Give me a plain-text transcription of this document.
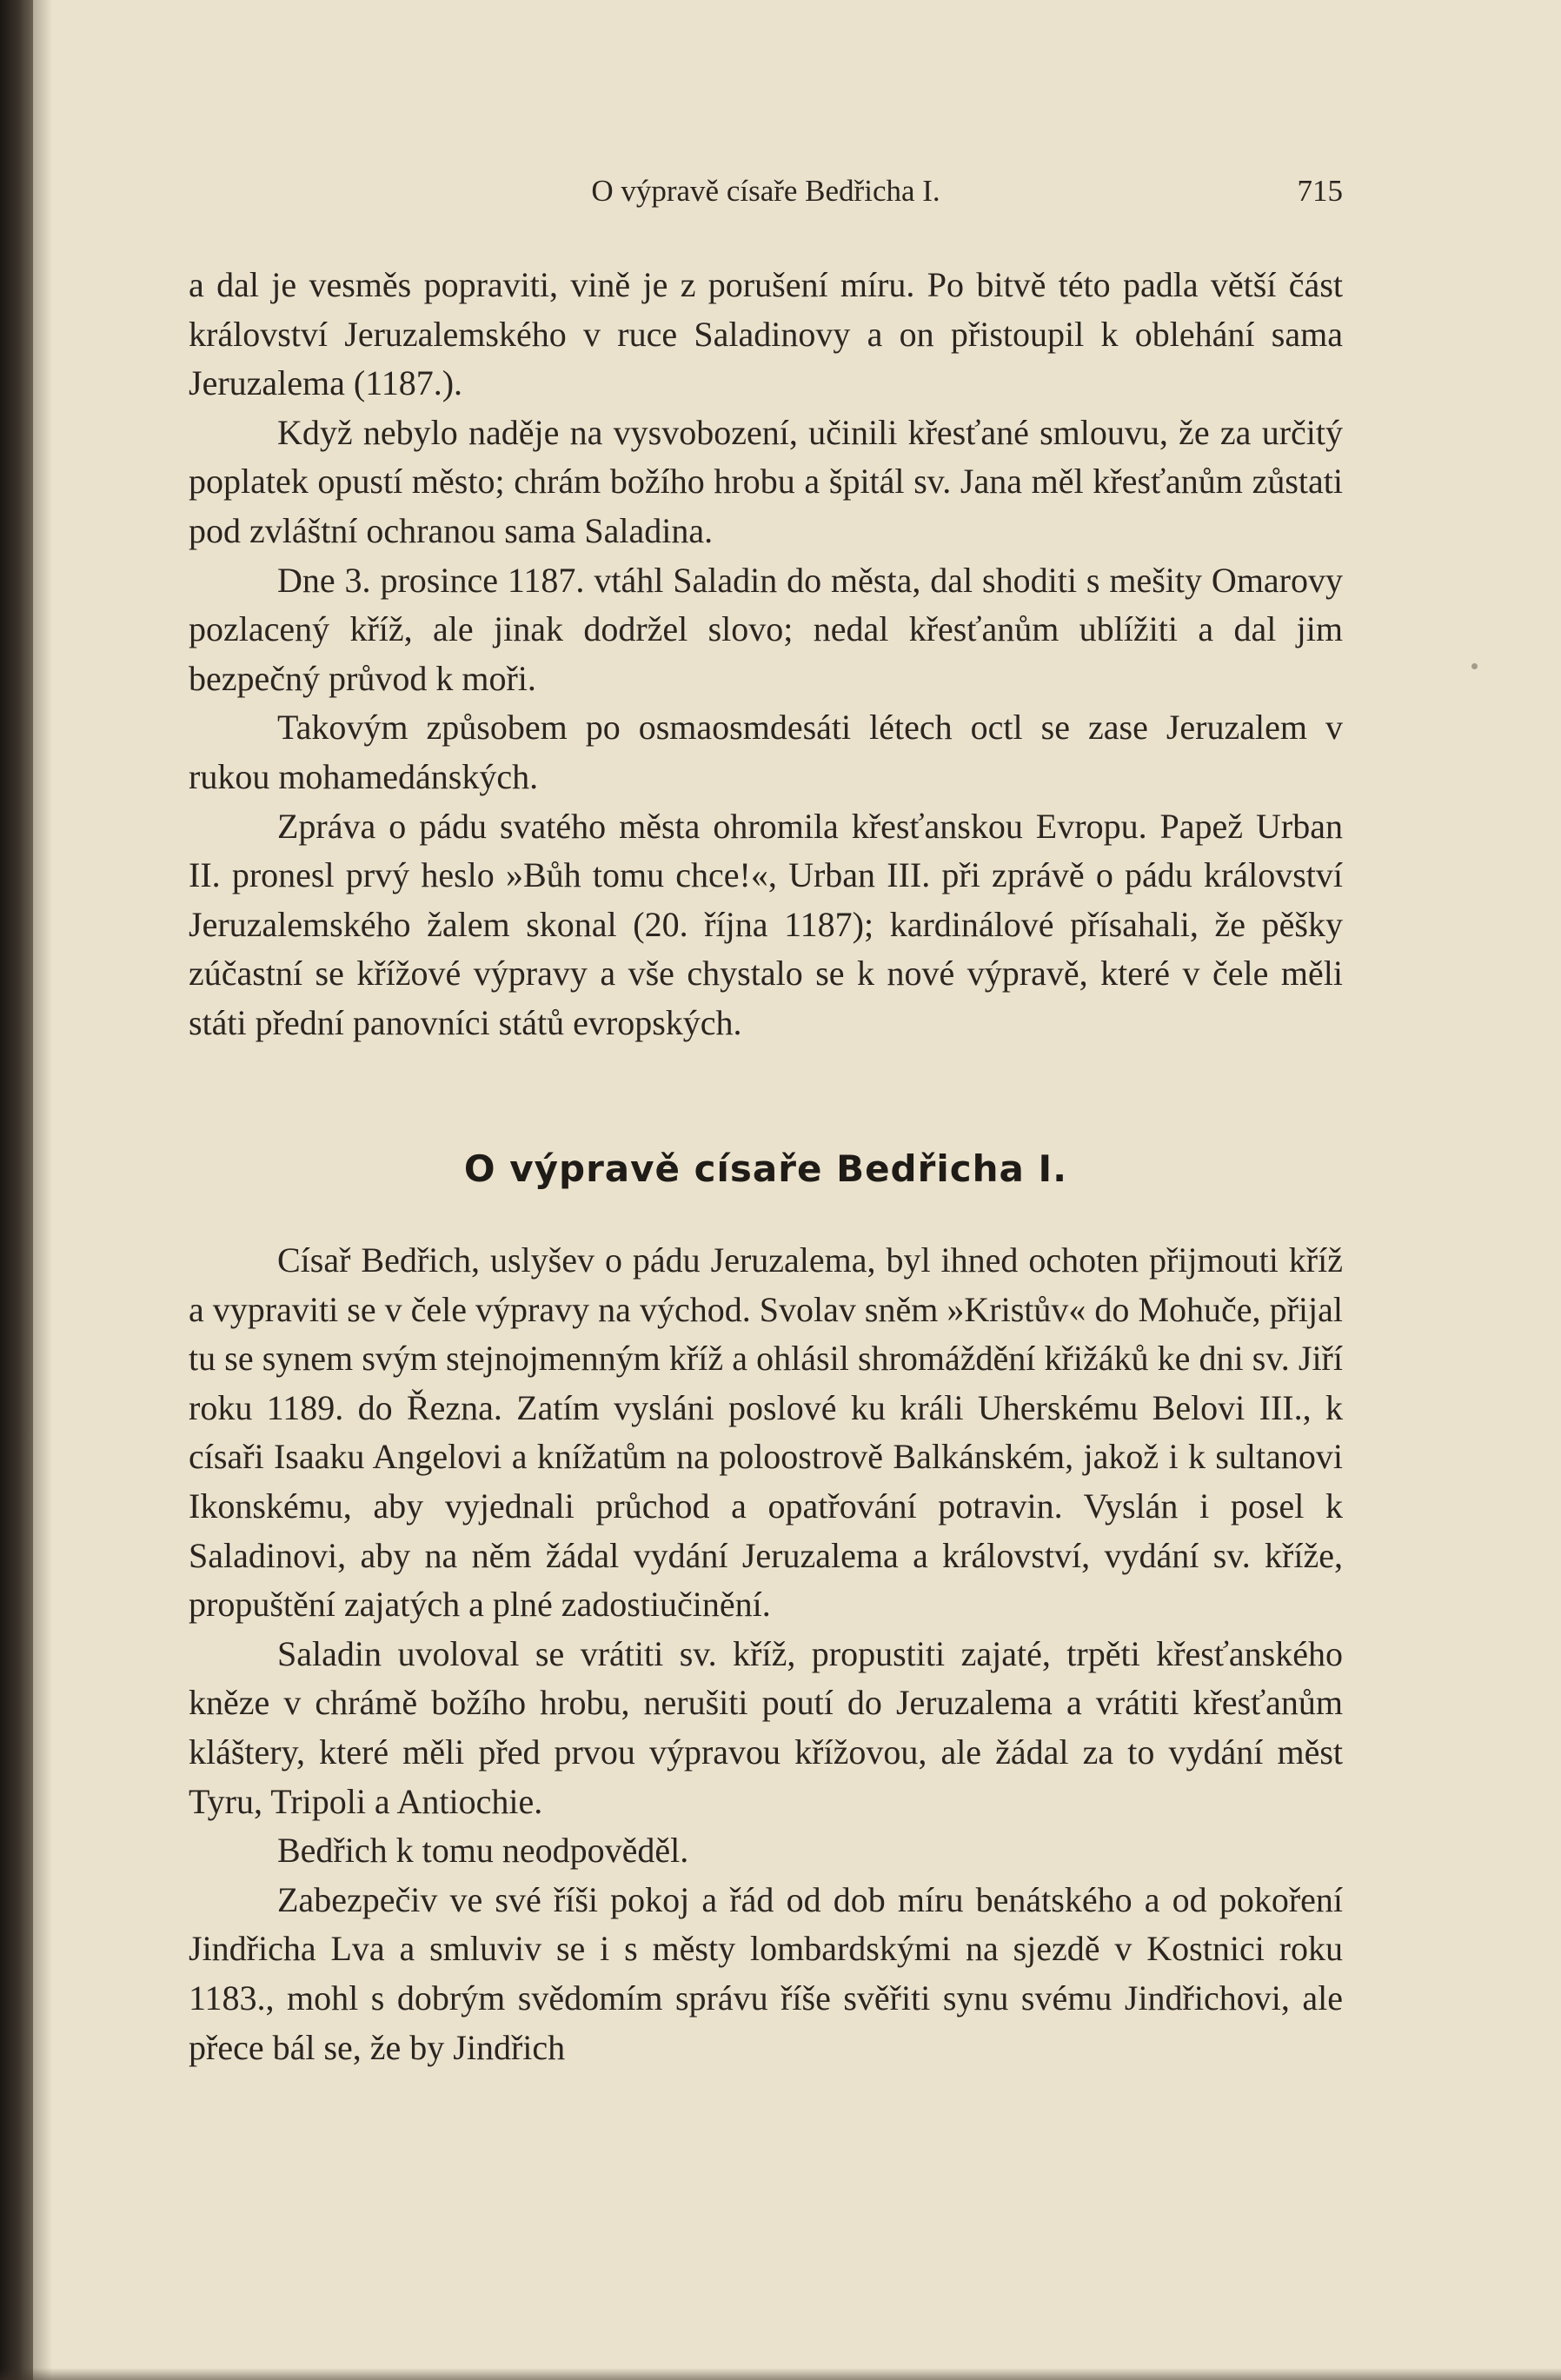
O výpravě císaře Bedřicha I.	715

a dal je vesměs popraviti, vině je z porušení míru. Po bitvě této padla větší část království Jeruzalemského v ruce Saladinovy a on přistoupil k oblehání sama Jeruzalema (1187.).

Když nebylo naděje na vysvobození, učinili křesťané smlouvu, že za určitý poplatek opustí město; chrám božího hrobu a špitál sv. Jana měl křesťanům zůstati pod zvláštní ochranou sama Saladina.

Dne 3. prosince 1187. vtáhl Saladin do města, dal shoditi s mešity Omarovy pozlacený kříž, ale jinak dodržel slovo; nedal křesťanům ublížiti a dal jim bezpečný průvod k moři.

Takovým způsobem po osmaosmdesáti létech octl se zase Jeruzalem v rukou mohamedánských.

Zpráva o pádu svatého města ohromila křesťanskou Evropu. Papež Urban II. pronesl prvý heslo »Bůh tomu chce!«, Urban III. při zprávě o pádu království Jeruzalemského žalem skonal (20. října 1187); kardinálové přísahali, že pěšky zúčastní se křížové výpravy a vše chystalo se k nové výpravě, které v čele měli státi přední panovníci států evropských.

O výpravě císaře Bedřicha I.

Císař Bedřich, uslyšev o pádu Jeruzalema, byl ihned ochoten přijmouti kříž a vypraviti se v čele výpravy na východ. Svolav sněm »Kristův« do Mohuče, přijal tu se synem svým stejnojmenným kříž a ohlásil shromáždění křižáků ke dni sv. Jiří roku 1189. do Řezna. Zatím vysláni poslové ku králi Uherskému Belovi III., k císaři Isaaku Angelovi a knížatům na poloostrově Balkánském, jakož i k sultanovi Ikonskému, aby vyjednali průchod a opatřování potravin. Vyslán i posel k Saladinovi, aby na něm žádal vydání Jeruzalema a království, vydání sv. kříže, propuštění zajatých a plné zadostiučinění.

Saladin uvoloval se vrátiti sv. kříž, propustiti zajaté, trpěti křesťanského kněze v chrámě božího hrobu, nerušiti poutí do Jeruzalema a vrátiti křesťanům kláštery, které měli před prvou výpravou křížovou, ale žádal za to vydání měst Tyru, Tripoli a Antiochie.

Bedřich k tomu neodpověděl.

Zabezpečiv ve své říši pokoj a řád od dob míru benátského a od pokoření Jindřicha Lva a smluviv se i s městy lombardskými na sjezdě v Kostnici roku 1183., mohl s dobrým svědomím správu říše svěřiti synu svému Jindřichovi, ale přece bál se, že by Jindřich
